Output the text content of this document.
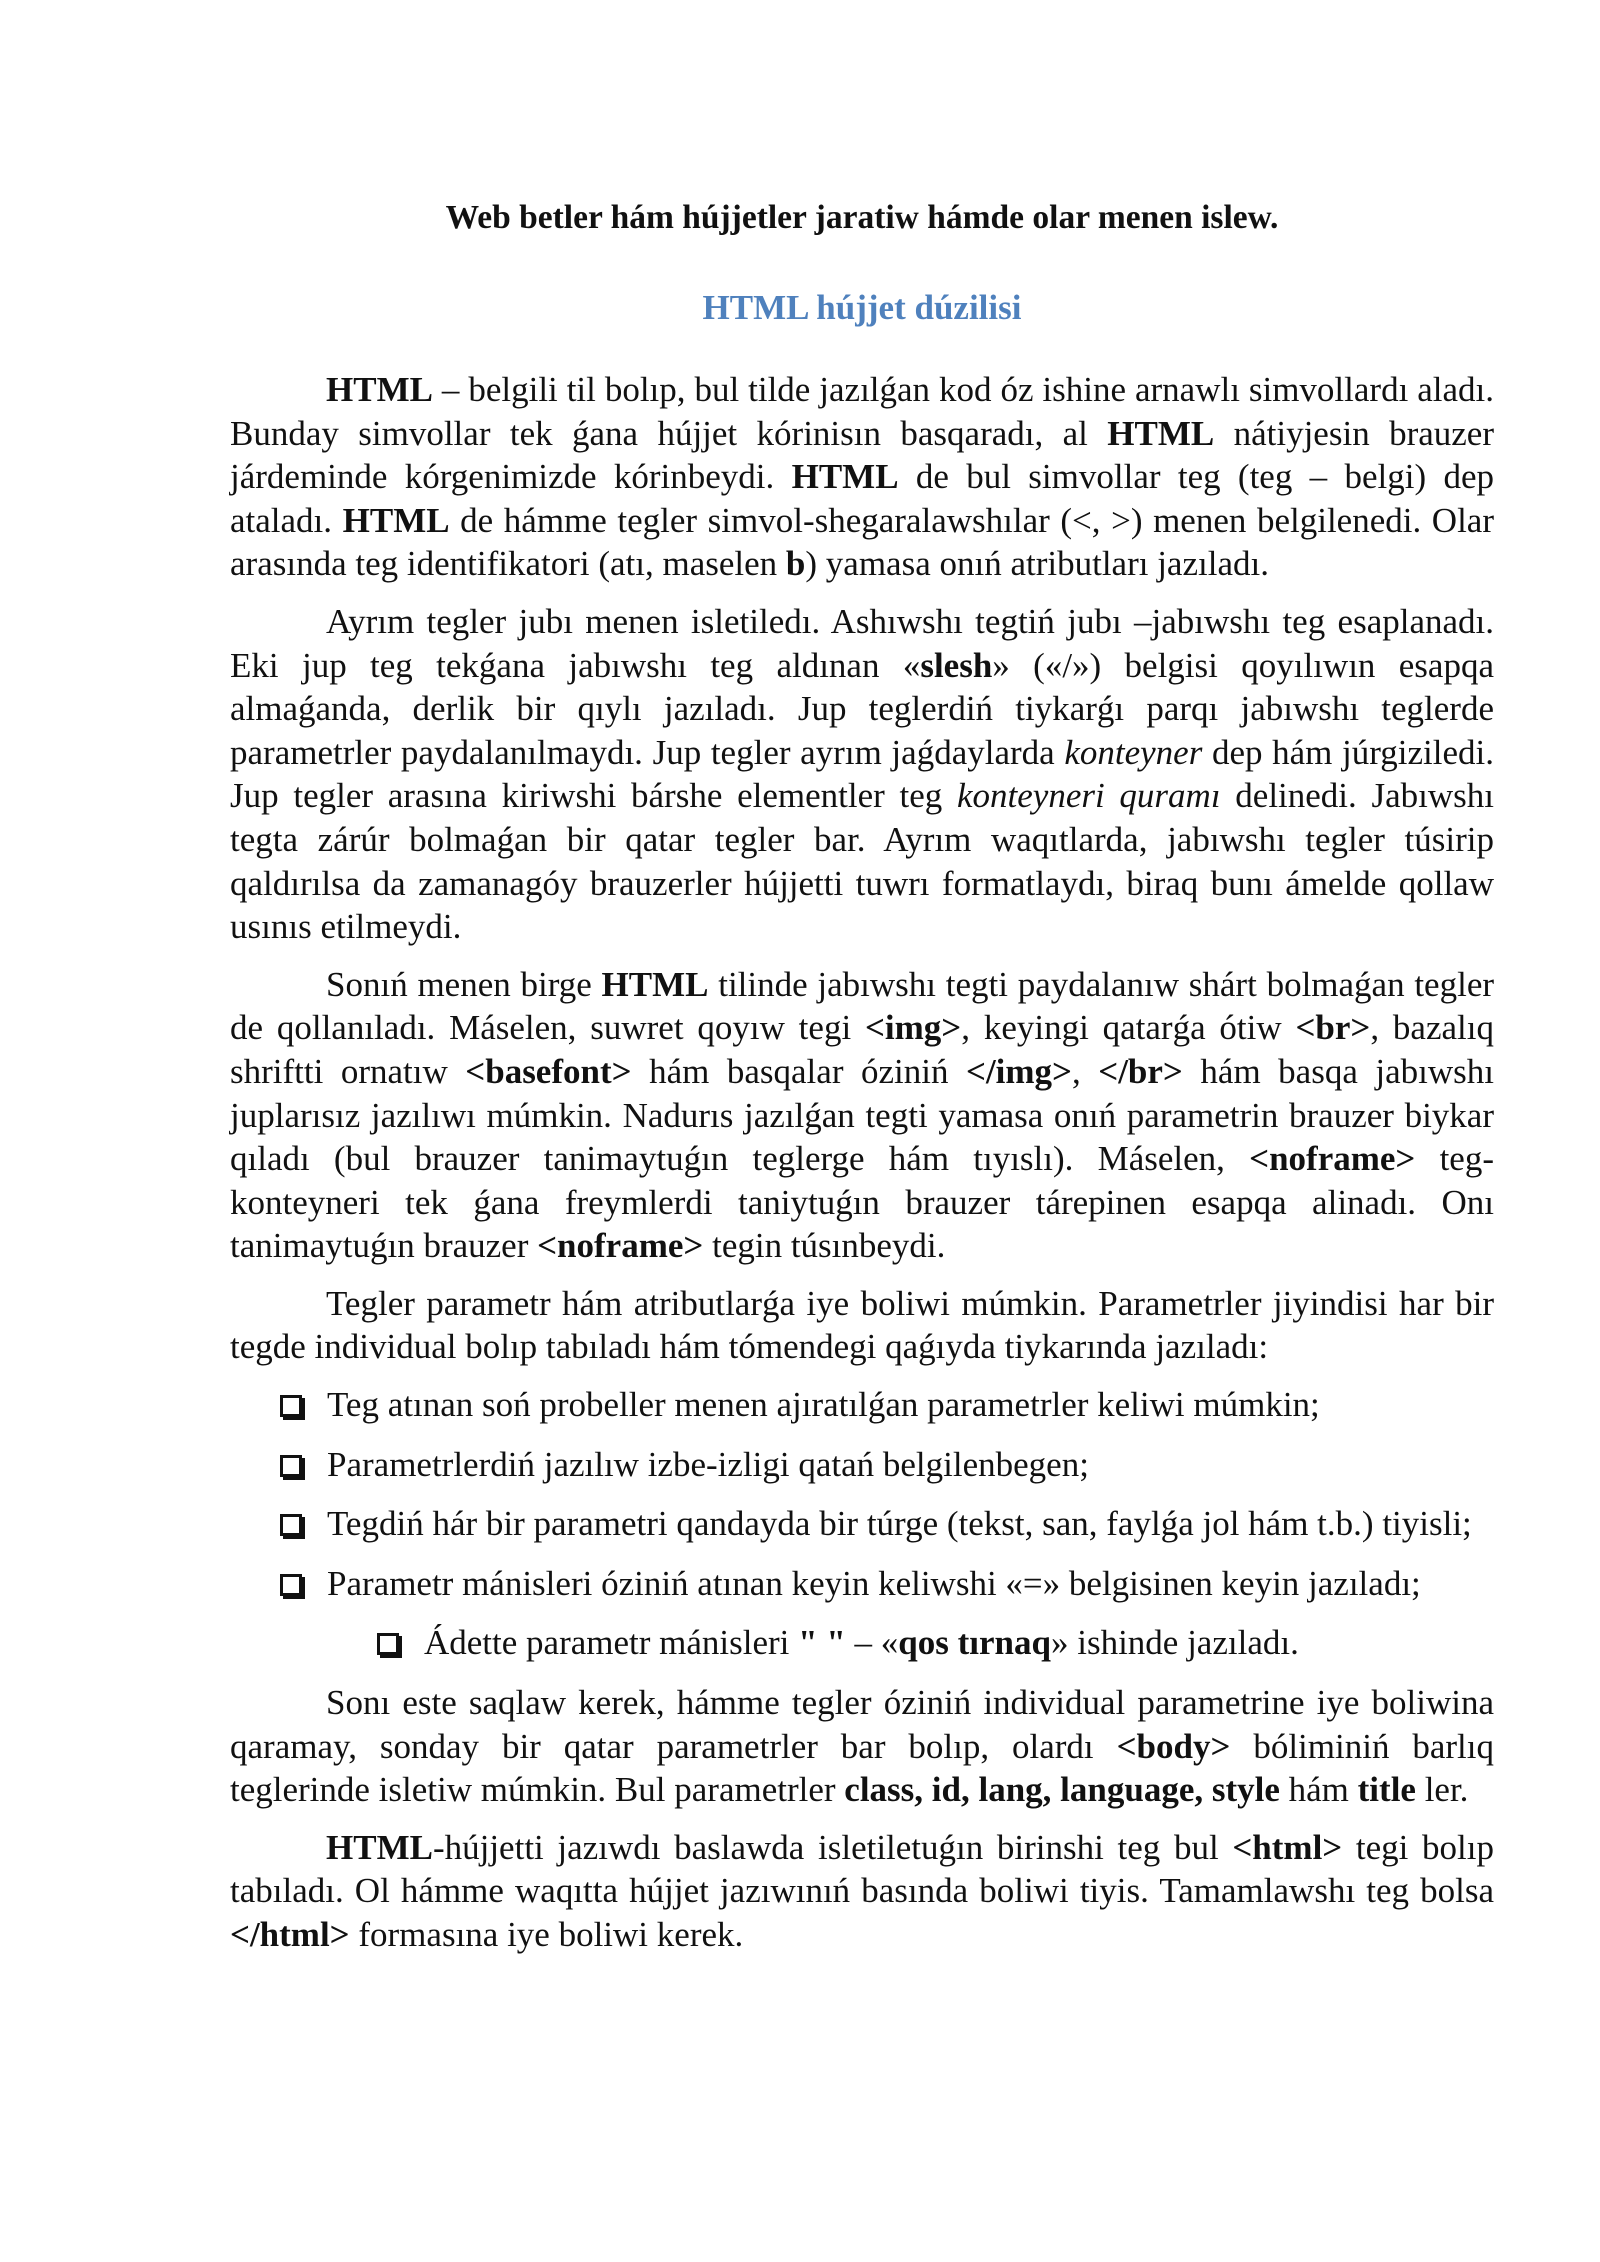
Web betler hám hújjetler jaratiw hámde olar menen islew.
HTML hújjet dúzilisi

HTML – belgili til bolıp, bul tilde jazılǵan kod óz ishine arnawlı simvollardı aladı. Bunday simvollar tek ǵana hújjet kórinisın basqaradı, al HTML nátiyjesin brauzer járdeminde kórgenimizde kórinbeydi. HTML de bul simvollar teg (teg – belgi) dep ataladı. HTML de hámme tegler simvol-shegaralawshılar (<, >) menen belgilenedi. Olar arasında teg identifikatori (atı, maselen b) yamasa onıń atributları jazıladı.

Ayrım tegler jubı menen isletiledı. Ashıwshı tegtiń jubı –jabıwshı teg esaplanadı. Eki jup teg tekǵana jabıwshı teg aldınan «slesh» («/») belgisi qoyılıwın esapqa almaǵanda, derlik bir qıylı jazıladı. Jup teglerdiń tiykarǵı parqı jabıwshı teglerde parametrler paydalanılmaydı. Jup tegler ayrım jaǵdaylarda konteyner dep hám júrgiziledi. Jup tegler arasına kiriwshi bárshe elementler teg konteyneri quramı delinedi. Jabıwshı tegta zárúr bolmaǵan bir qatar tegler bar. Ayrım waqıtlarda, jabıwshı tegler túsirip qaldırılsa da zamanagóy brauzerler hújjetti tuwrı formatlaydı, biraq bunı ámelde qollaw usınıs etilmeydi.

Sonıń menen birge HTML tilinde jabıwshı tegti paydalanıw shárt bolmaǵan tegler de qollanıladı. Máselen, suwret qoyıw tegi <img>, keyingi qatarǵa ótiw <br>, bazalıq shriftti ornatıw <basefont> hám basqalar óziniń </img>, </br> hám basqa jabıwshı juplarısız jazılıwı múmkin. Nadurıs jazılǵan tegti yamasa onıń parametrin brauzer biykar qıladı (bul brauzer tanimaytuǵın teglerge hám tıyıslı). Máselen, <noframe> teg-konteyneri tek ǵana freymlerdi taniytuǵın brauzer tárepinen esapqa alinadı. Onı tanimaytuǵın brauzer <noframe> tegin túsınbeydi.

Tegler parametr hám atributlarǵa iye boliwi múmkin. Parametrler jiyindisi har bir tegde individual bolıp tabıladı hám tómendegi qaǵıyda tiykarında jazıladı:

Teg atınan soń probeller menen ajıratılǵan parametrler keliwi múmkin;
Parametrlerdiń jazılıw izbe-izligi qatań belgilenbegen;
Tegdiń hár bir parametri qandayda bir túrge (tekst, san, faylǵa jol hám t.b.) tiyisli;
Parametr mánisleri óziniń atınan keyin keliwshi «=» belgisinen keyin jazıladı;
Ádette parametr mánisleri " " – «qos tırnaq» ishinde jazıladı.

Sonı este saqlaw kerek, hámme tegler óziniń individual parametrine iye boliwina qaramay, sonday bir qatar parametrler bar bolıp, olardı <body> bóliminiń barlıq teglerinde isletiw múmkin. Bul parametrler class, id, lang, language, style hám title ler.

HTML-hújjetti jazıwdı baslawda isletiletuǵın birinshi teg bul <html> tegi bolıp tabıladı. Ol hámme waqıtta hújjet jazıwınıń basında boliwi tiyis. Tamamlawshı teg bolsa </html> formasına iye boliwi kerek.
